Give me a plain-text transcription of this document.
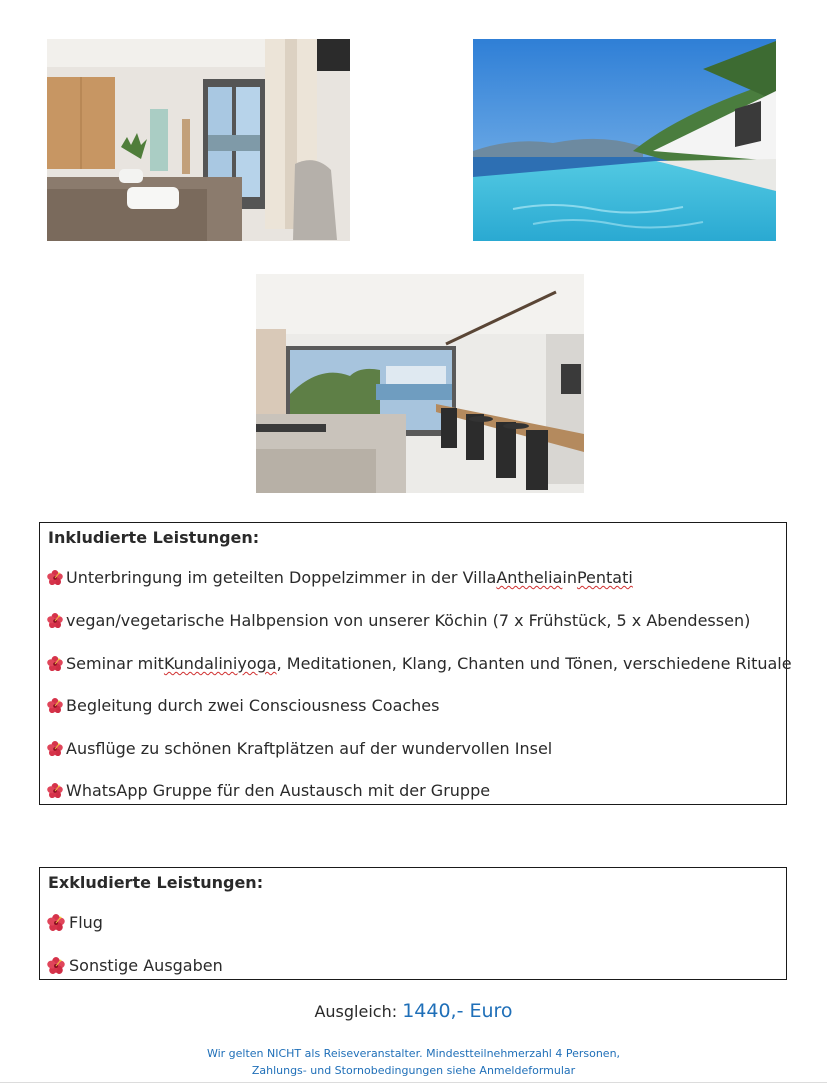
Inkludierte Leistungen:
Unterbringung im geteilten Doppelzimmer in der Villa Anthelia in Pentati
vegan/vegetarische Halbpension von unserer Köchin (7 x Frühstück, 5 x Abendessen)
Seminar mit Kundaliniyoga , Meditationen, Klang, Chanten und Tönen, verschiedene Rituale
Begleitung durch zwei Consciousness Coaches
Ausflüge zu schönen Kraftplätzen auf der wundervollen Insel
WhatsApp Gruppe für den Austausch mit der Gruppe
Exkludierte Leistungen:
Flug
Sonstige Ausgaben
Ausgleich: 1440,- Euro
Wir gelten NICHT als Reiseveranstalter. Mindestteilnehmerzahl 4 Personen,
Zahlungs- und Stornobedingungen siehe Anmeldeformular
